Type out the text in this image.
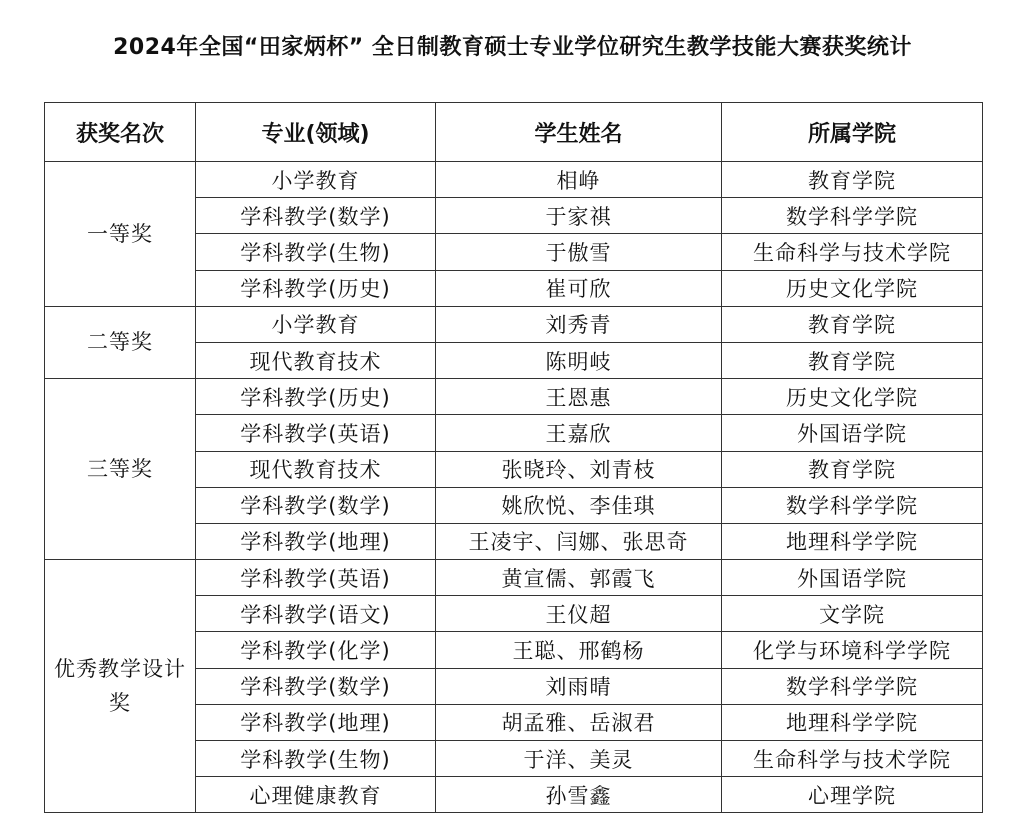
2024年全国“田家炳杯” 全日制教育硕士专业学位研究生教学技能大赛获奖统计
获奖名次	专业(领域)	学生姓名	所属学院
一等奖	小学教育	相峥	教育学院
	学科教学(数学)	于家祺	数学科学学院
	学科教学(生物)	于傲雪	生命科学与技术学院
	学科教学(历史)	崔可欣	历史文化学院
二等奖	小学教育	刘秀青	教育学院
	现代教育技术	陈明岐	教育学院
三等奖	学科教学(历史)	王恩惠	历史文化学院
	学科教学(英语)	王嘉欣	外国语学院
	现代教育技术	张晓玲、刘青枝	教育学院
	学科教学(数学)	姚欣悦、李佳琪	数学科学学院
	学科教学(地理)	王凌宇、闫娜、张思奇	地理科学学院
优秀教学设计奖	学科教学(英语)	黄宣儒、郭霞飞	外国语学院
	学科教学(语文)	王仪超	文学院
	学科教学(化学)	王聪、邢鹤杨	化学与环境科学学院
	学科教学(数学)	刘雨晴	数学科学学院
	学科教学(地理)	胡孟雅、岳淑君	地理科学学院
	学科教学(生物)	于洋、美灵	生命科学与技术学院
	心理健康教育	孙雪鑫	心理学院
